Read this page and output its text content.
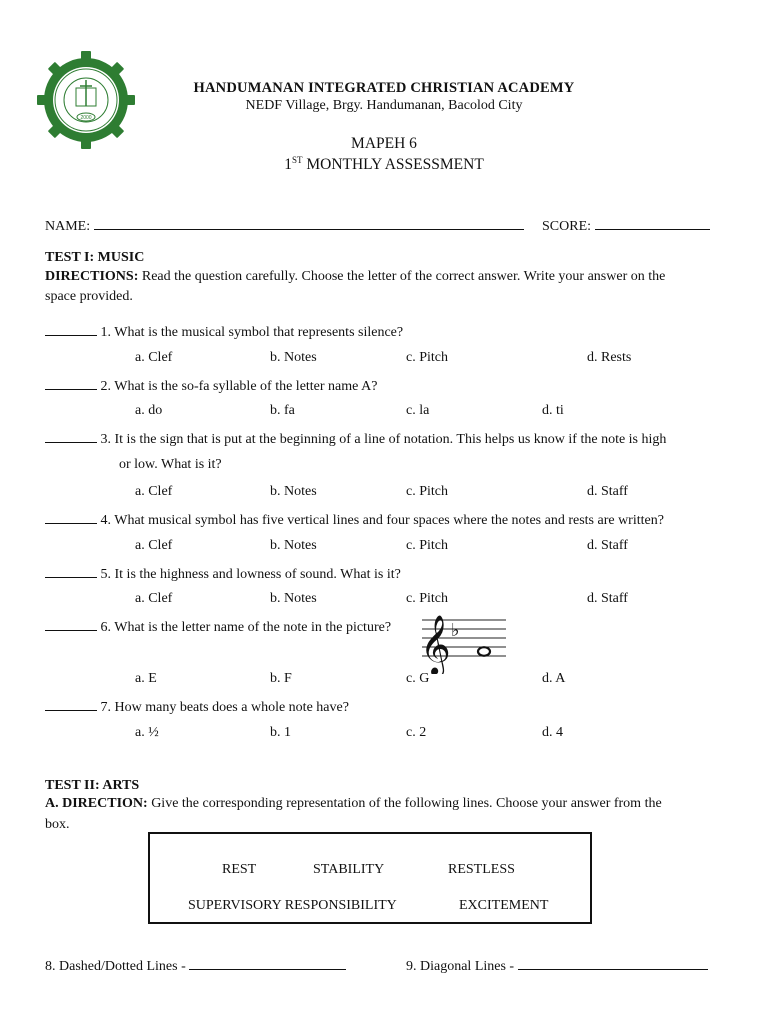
2000
HANDUMANAN INTEGRATED CHRISTIAN ACADEMY
NEDF Village, Brgy. Handumanan, Bacolod City
MAPEH 6
1ST MONTHLY ASSESSMENT
NAME:	SCORE:
TEST I: MUSIC
DIRECTIONS: Read the question carefully. Choose the letter of the correct answer. Write your answer on the
space provided.
1. What is the musical symbol that represents silence?
a. Clef	b. Notes	c. Pitch	d. Rests
2. What is the so-fa syllable of the letter name A?
a. do	b. fa	c. la	d. ti
3. It is the sign that is put at the beginning of a line of notation. This helps us know if the note is high
or low. What is it?
a. Clef	b. Notes	c. Pitch	d. Staff
4. What musical symbol has five vertical lines and four spaces where the notes and rests are written?
a. Clef	b. Notes	c. Pitch	d. Staff
5. It is the highness and lowness of sound. What is it?
a. Clef	b. Notes	c. Pitch	d. Staff
6. What is the letter name of the note in the picture? 𝄞 ♭
a. E	b. F	c. G	d. A
7. How many beats does a whole note have?
a. ½	b. 1	c. 2	d. 4
TEST II: ARTS
A. DIRECTION: Give the corresponding representation of the following lines. Choose your answer from the
box.
REST	STABILITY	RESTLESS
SUPERVISORY RESPONSIBILITY	EXCITEMENT
8. Dashed/Dotted Lines -	9. Diagonal Lines -
